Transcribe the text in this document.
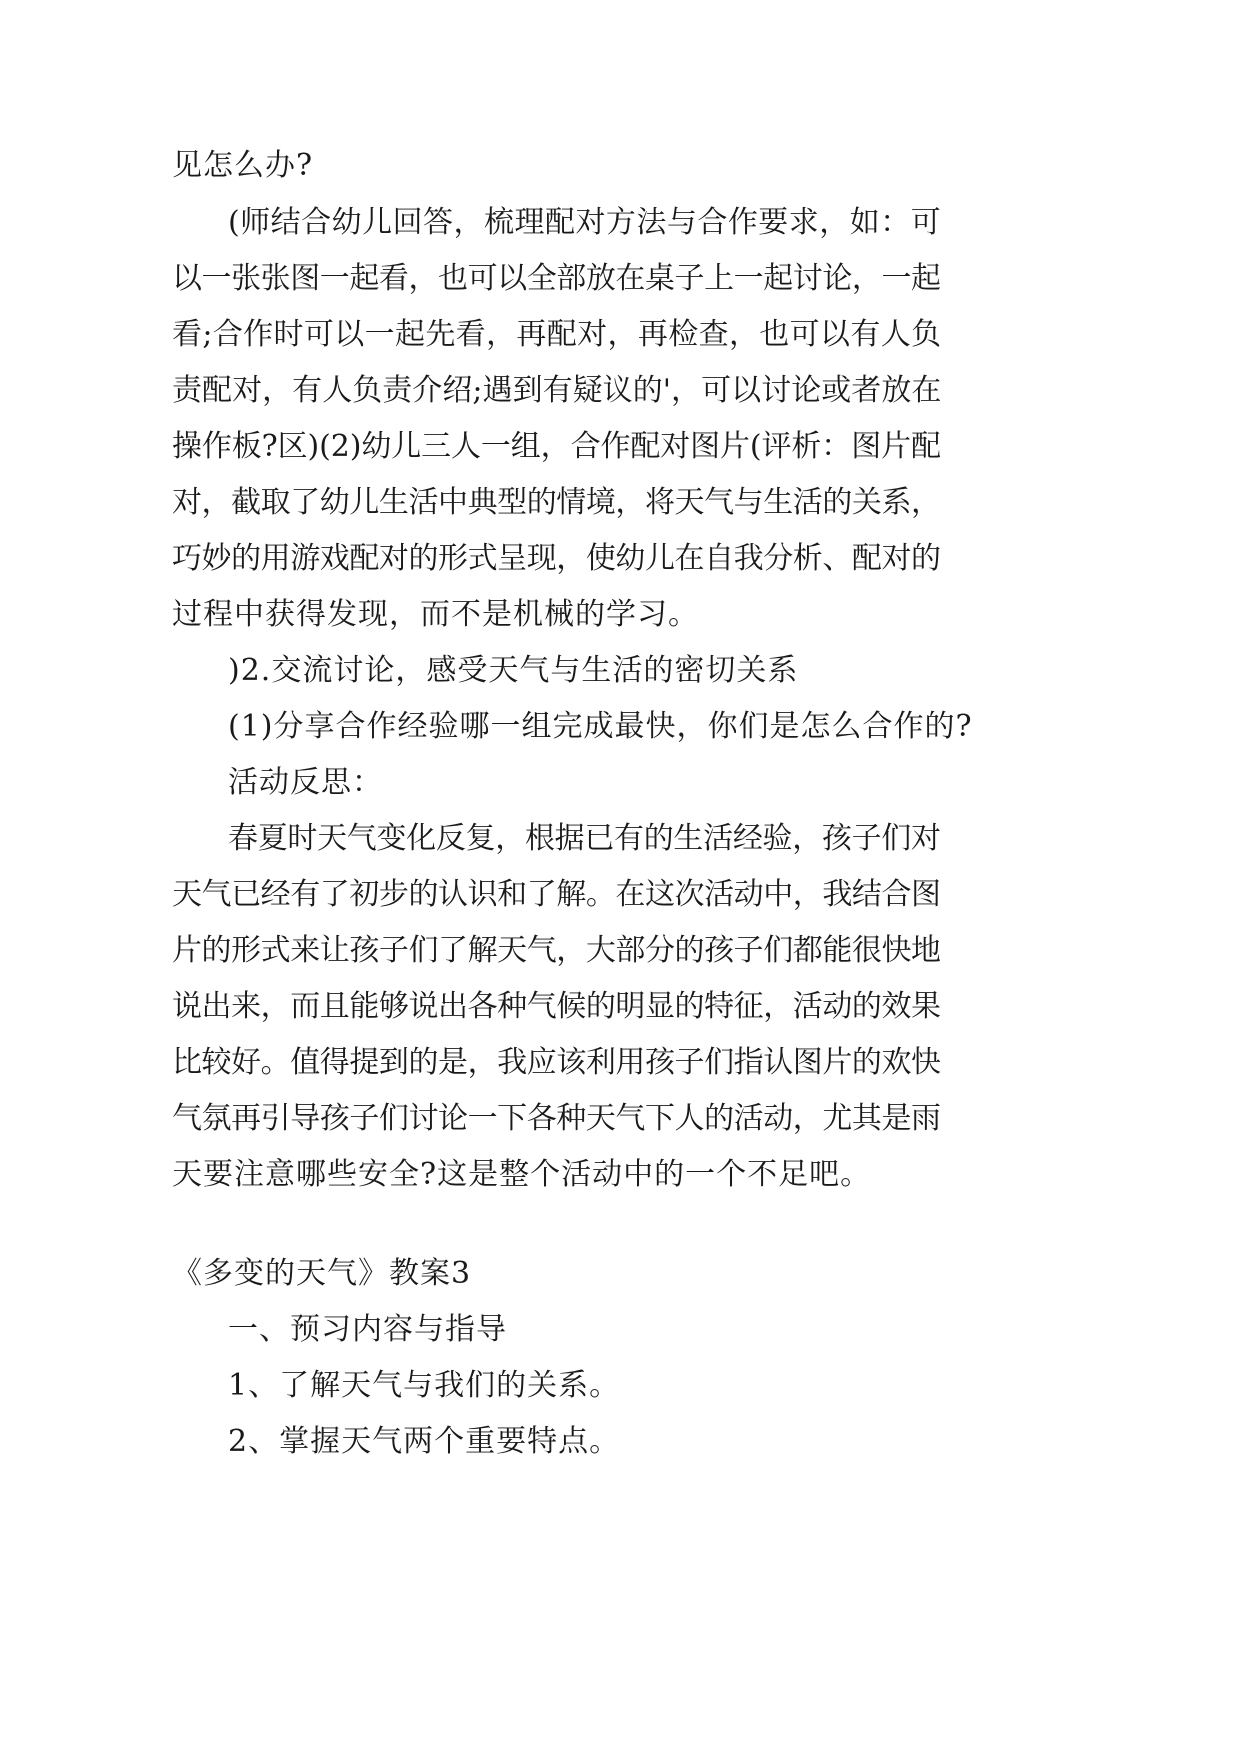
见怎么办?
(师结合幼儿回答，梳理配对方法与合作要求，如：可
以一张张图一起看，也可以全部放在桌子上一起讨论，一起
看;合作时可以一起先看，再配对，再检查，也可以有人负
责配对，有人负责介绍;遇到有疑议的'，可以讨论或者放在
操作板?区)(2)幼儿三人一组，合作配对图片(评析：图片配
对，截取了幼儿生活中典型的情境，将天气与生活的关系，
巧妙的用游戏配对的形式呈现，使幼儿在自我分析、配对的
过程中获得发现，而不是机械的学习。
)2.交流讨论，感受天气与生活的密切关系
(1)分享合作经验哪一组完成最快，你们是怎么合作的?
活动反思：
春夏时天气变化反复，根据已有的生活经验，孩子们对
天气已经有了初步的认识和了解。在这次活动中，我结合图
片的形式来让孩子们了解天气，大部分的孩子们都能很快地
说出来，而且能够说出各种气候的明显的特征，活动的效果
比较好。值得提到的是，我应该利用孩子们指认图片的欢快
气氛再引导孩子们讨论一下各种天气下人的活动，尤其是雨
天要注意哪些安全?这是整个活动中的一个不足吧。
《多变的天气》教案3
一、预习内容与指导
1、了解天气与我们的关系。
2、掌握天气两个重要特点。
